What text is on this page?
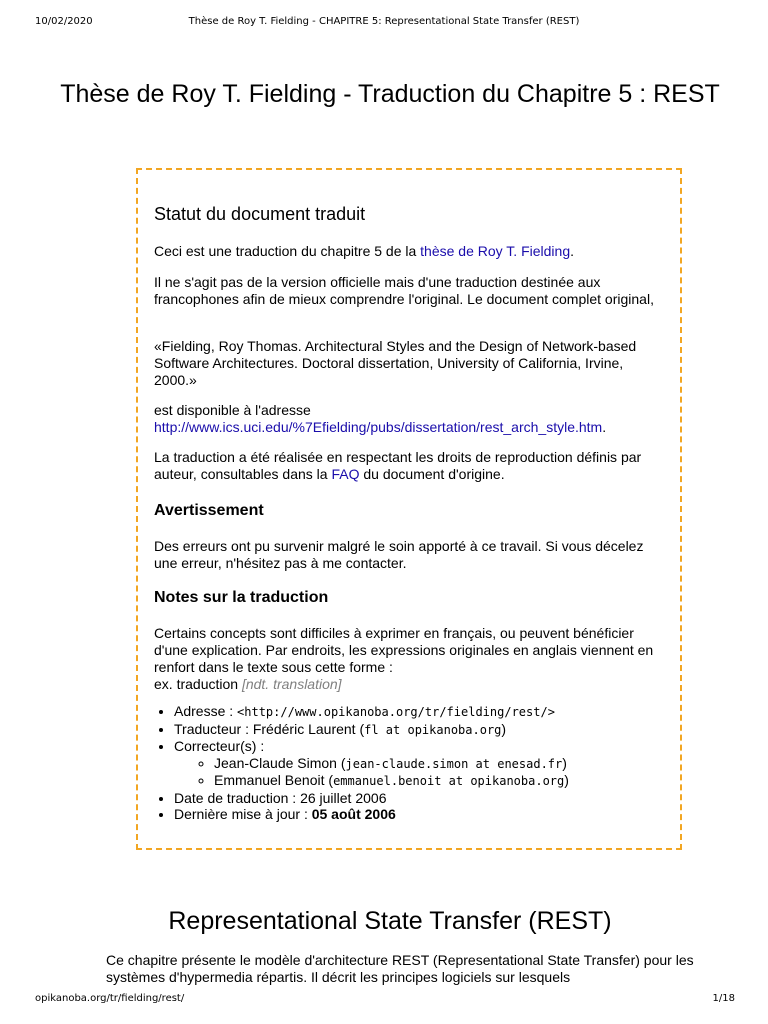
10/02/2020	Thèse de Roy T. Fielding - CHAPITRE 5: Representational State Transfer (REST)
Thèse de Roy T. Fielding - Traduction du Chapitre 5 : REST
Statut du document traduit

Ceci est une traduction du chapitre 5 de la thèse de Roy T. Fielding.

Il ne s'agit pas de la version officielle mais d'une traduction destinée aux francophones afin de mieux comprendre l'original. Le document complet original,

«Fielding, Roy Thomas. Architectural Styles and the Design of Network-based Software Architectures. Doctoral dissertation, University of California, Irvine, 2000.»

est disponible à l'adresse
http://www.ics.uci.edu/%7Efielding/pubs/dissertation/rest_arch_style.htm.

La traduction a été réalisée en respectant les droits de reproduction définis par auteur, consultables dans la FAQ du document d'origine.

Avertissement

Des erreurs ont pu survenir malgré le soin apporté à ce travail. Si vous décelez une erreur, n'hésitez pas à me contacter.

Notes sur la traduction

Certains concepts sont difficiles à exprimer en français, ou peuvent bénéficier d'une explication. Par endroits, les expressions originales en anglais viennent en renfort dans le texte sous cette forme :
ex. traduction [ndt. translation]

• Adresse : <http://www.opikanoba.org/tr/fielding/rest/>
• Traducteur : Frédéric Laurent (fl at opikanoba.org)
• Correcteur(s) :
◦ Jean-Claude Simon (jean-claude.simon at enesad.fr)
◦ Emmanuel Benoit (emmanuel.benoit at opikanoba.org)
• Date de traduction : 26 juillet 2006
• Dernière mise à jour : 05 août 2006
Representational State Transfer (REST)

Ce chapitre présente le modèle d'architecture REST (Representational State Transfer) pour les systèmes d'hypermedia répartis. Il décrit les principes logiciels sur lesquels

opikanoba.org/tr/fielding/rest/	1/18
